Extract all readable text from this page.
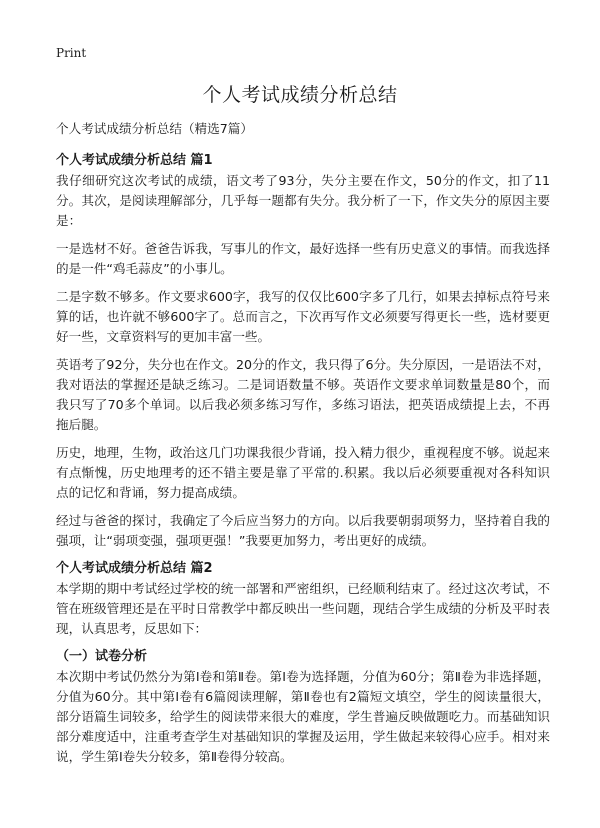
Print
个人考试成绩分析总结

个人考试成绩分析总结（精选7篇）

个人考试成绩分析总结 篇1

我仔细研究这次考试的成绩，语文考了93分，失分主要在作文，50分的作文，扣了11分。其次，是阅读理解部分，几乎每一题都有失分。我分析了一下，作文失分的原因主要是：

一是选材不好。爸爸告诉我，写事儿的作文，最好选择一些有历史意义的事情。而我选择的是一件“鸡毛蒜皮”的小事儿。

二是字数不够多。作文要求600字，我写的仅仅比600字多了几行，如果去掉标点符号来算的话，也许就不够600字了。总而言之，下次再写作文必须要写得更长一些，选材要更好一些，文章资料写的更加丰富一些。

英语考了92分，失分也在作文。20分的作文，我只得了6分。失分原因，一是语法不对，我对语法的掌握还是缺乏练习。二是词语数量不够。英语作文要求单词数量是80个，而我只写了70多个单词。以后我必须多练习写作，多练习语法，把英语成绩提上去，不再拖后腿。

历史，地理，生物，政治这几门功课我很少背诵，投入精力很少，重视程度不够。说起来有点惭愧，历史地理考的还不错主要是靠了平常的.积累。我以后必须要重视对各科知识点的记忆和背诵，努力提高成绩。

经过与爸爸的探讨，我确定了今后应当努力的方向。以后我要朝弱项努力，坚持着自我的强项，让“弱项变强，强项更强！”我要更加努力，考出更好的成绩。

个人考试成绩分析总结 篇2

本学期的期中考试经过学校的统一部署和严密组织，已经顺利结束了。经过这次考试，不管在班级管理还是在平时日常教学中都反映出一些问题，现结合学生成绩的分析及平时表现，认真思考，反思如下：

（一）试卷分析

本次期中考试仍然分为第Ⅰ卷和第Ⅱ卷。第Ⅰ卷为选择题，分值为60分；第Ⅱ卷为非选择题，分值为60分。其中第Ⅰ卷有6篇阅读理解，第Ⅱ卷也有2篇短文填空，学生的阅读量很大，部分语篇生词较多，给学生的阅读带来很大的难度，学生普遍反映做题吃力。而基础知识部分难度适中，注重考查学生对基础知识的掌握及运用，学生做起来较得心应手。相对来说，学生第Ⅰ卷失分较多，第Ⅱ卷得分较高。
